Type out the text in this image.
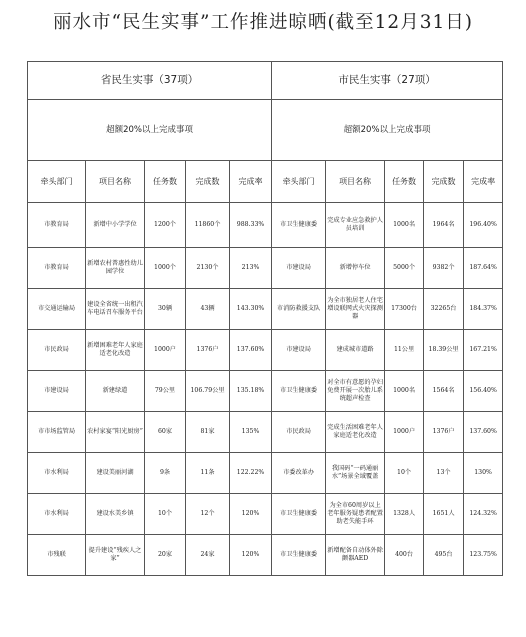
丽水市“民生实事”工作推进晾晒(截至12月31日)
省民生实事（37项）					市民生实事（27项）				
超额20%以上完成事项					超额20%以上完成事项				
牵头部门	项目名称	任务数	完成数	完成率	牵头部门	项目名称	任务数	完成数	完成率
市教育局	新增中小学学位	1200个	11860个	988.33%	市卫生健康委	完成专业应急救护人员培训	1000名	1964名	196.40%
市教育局	新增农村普惠性幼儿园学位	1000个	2130个	213%	市建设局	新增停车位	5000个	9382个	187.64%
市交通运输局	建设全省统一出租汽车电话召车服务平台	30辆	43辆	143.30%	市消防救援支队	为全市独居老人住宅增设联网式火灾探测器	17300台	32265台	184.37%
市民政局	新增困难老年人家庭适老化改造	1000户	1376户	137.60%	市建设局	建成城市道路	11公里	18.39公里	167.21%
市建设局	新建绿道	79公里	106.79公里	135.18%	市卫生健康委	对全市有意愿的孕妇免费开展一次胎儿系统超声检查	1000名	1564名	156.40%
市市场监管局	农村家宴“阳光厨房”	60家	81家	135%	市民政局	完成生活困难老年人家庭适老化改造	1000户	1376户	137.60%
市水利局	建设美丽河湖	9条	11条	122.22%	市委改革办	我国码“一码通丽水”场景全域覆盖	10个	13个	130%
市水利局	建设水美乡镇	10个	12个	120%	市卫生健康委	为全市60周岁以上老年服务疑患者配置助老失能手环	1328人	1651人	124.32%
市残联	提升建设“残疾人之家”	20家	24家	120%	市卫生健康委	新增配备自动体外除颤器AED	400台	495台	123.75%
